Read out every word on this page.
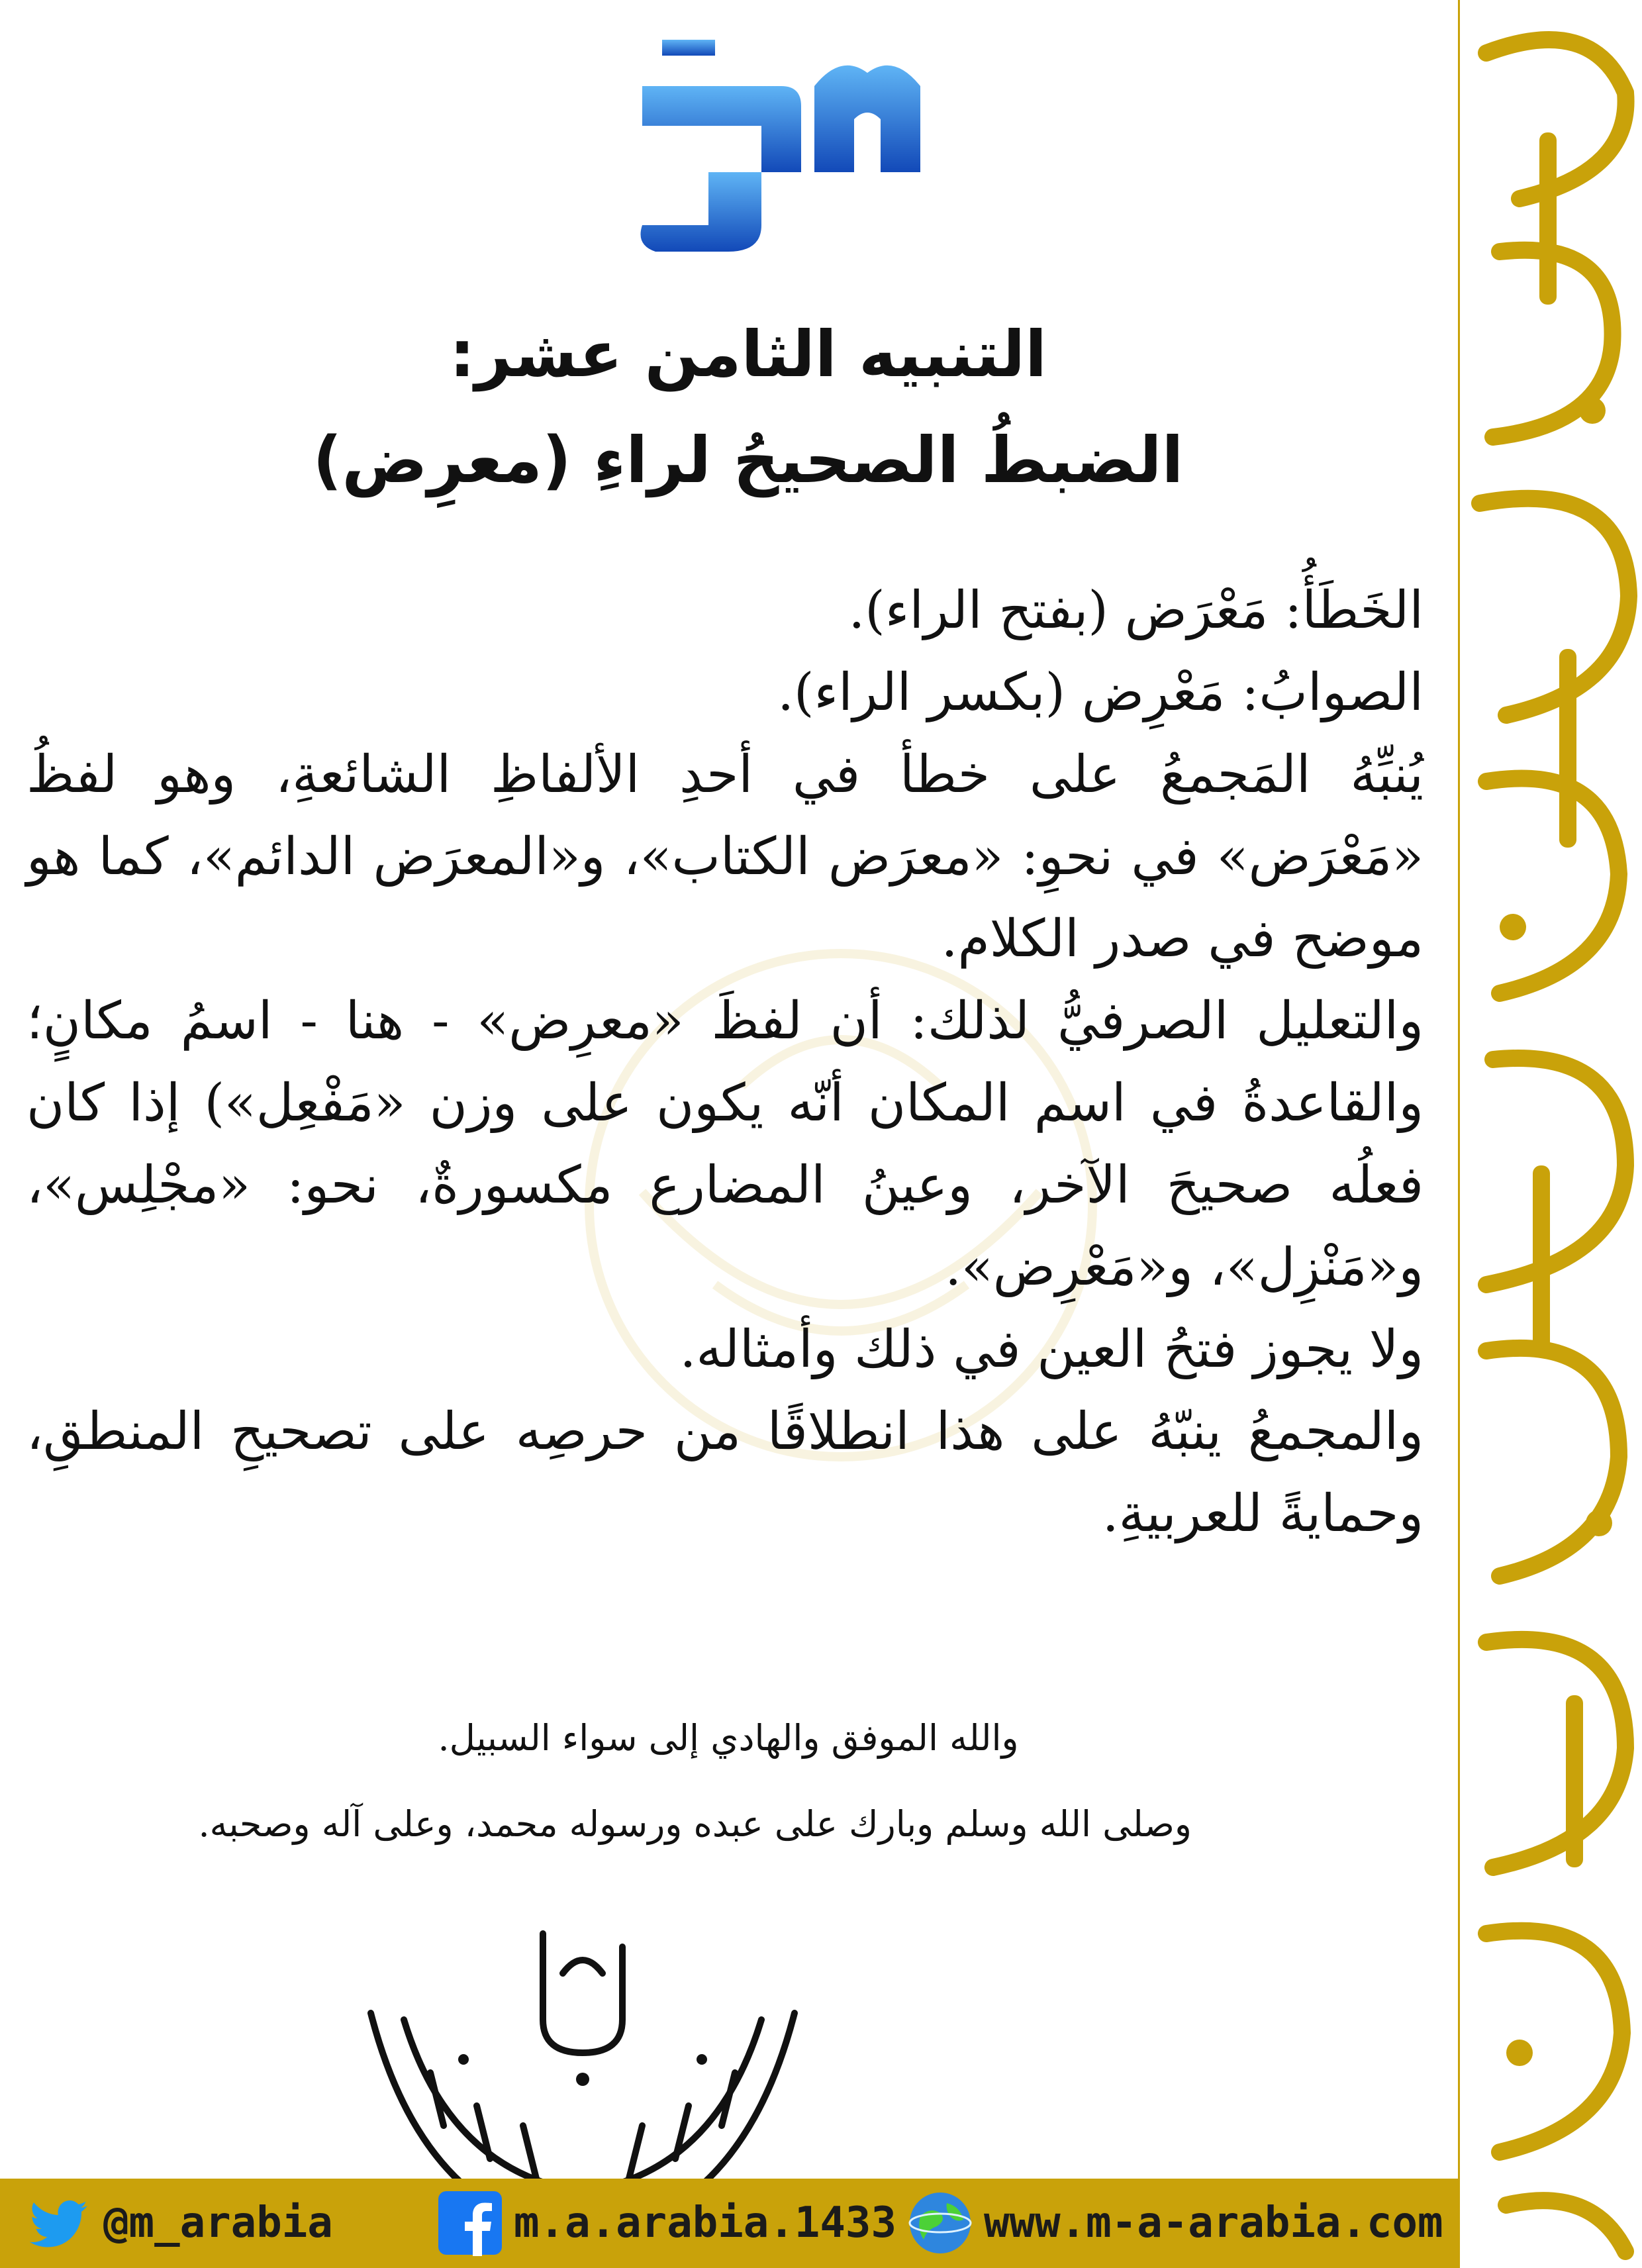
التنبيه الثامن عشر:
الضبطُ الصحيحُ لراءِ (معرِض)

الخَطَأُ: مَعْرَض (بفتح الراء).

الصوابُ: مَعْرِض (بكسر الراء).

يُنبِّهُ المَجمعُ على خطأ في أحدِ الألفاظِ الشائعةِ، وهو لفظُ «مَعْرَض» في نحوِ: «معرَض الكتاب»، و«المعرَض الدائم»، كما هو موضح في صدر الكلام.

والتعليل الصرفيُّ لذلك: أن لفظَ «معرِض» - هنا - اسمُ مكانٍ؛ والقاعدةُ في اسم المكان أنّه يكون على وزن «مَفْعِل») إذا كان فعلُه صحيحَ الآخر، وعينُ المضارع مكسورةٌ، نحو: «مجْلِس»، و«مَنْزِل»، و«مَعْرِض».

ولا يجوز فتحُ العين في ذلك وأمثاله.

والمجمعُ ينبّهُ على هذا انطلاقًا من حرصِه على تصحيحِ المنطقِ، وحمايةً للعربيةِ.

والله الموفق والهادي إلى سواء السبيل.
وصلى الله وسلم وبارك على عبده ورسوله محمد، وعلى آله وصحبه.
@m_arabia	m.a.arabia.1433 www.m-a-arabia.com
